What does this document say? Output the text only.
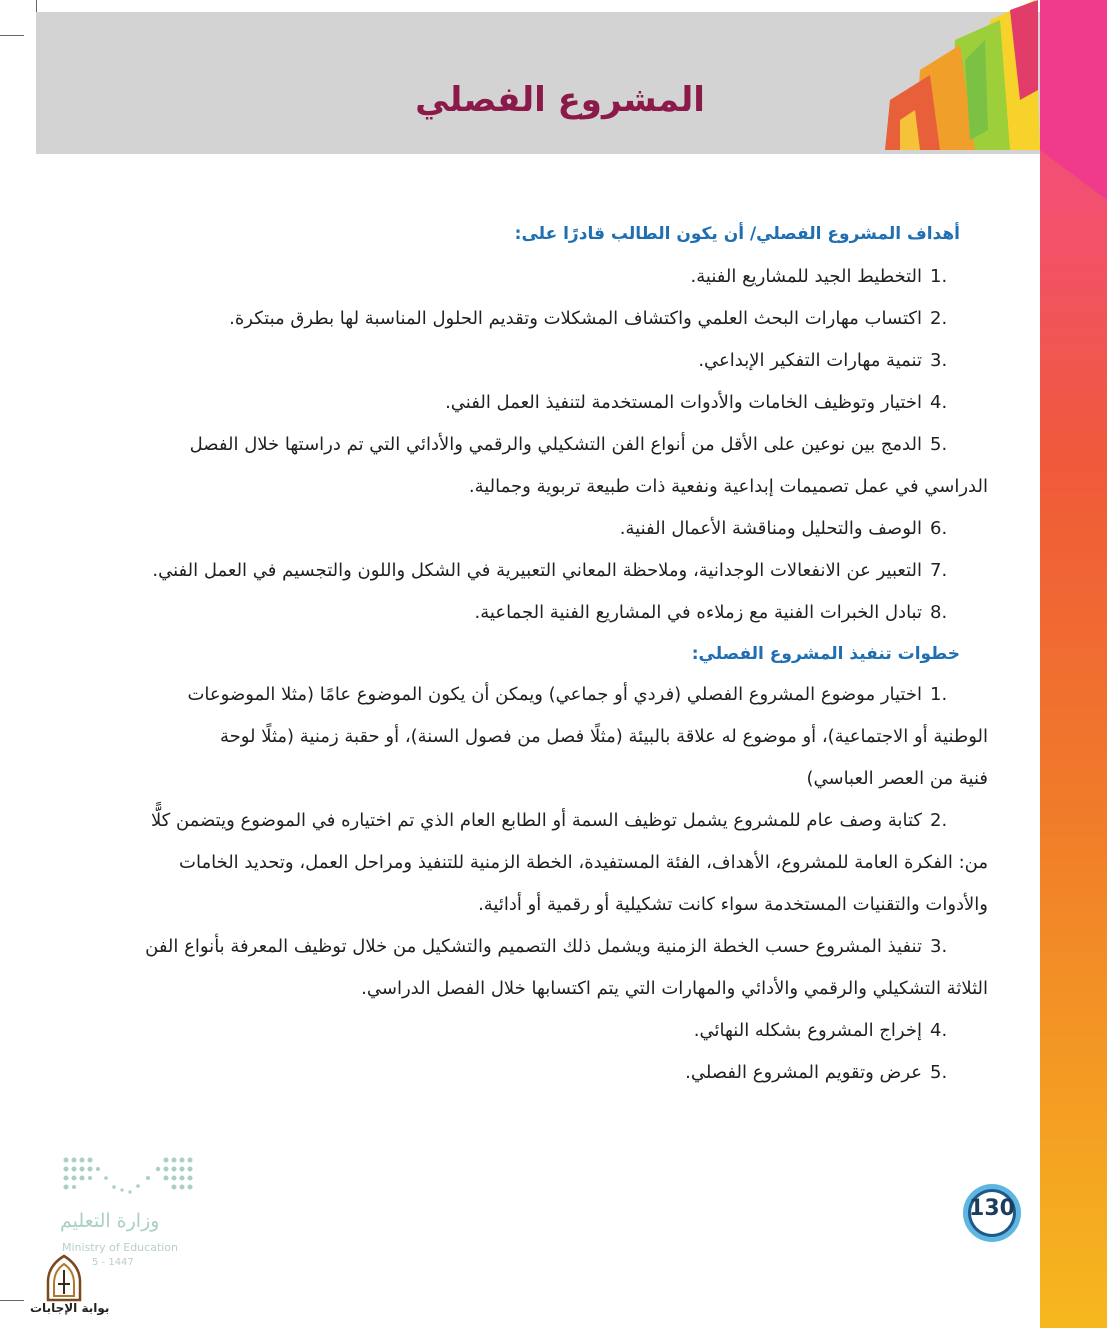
المشروع الفصلي
أهداف المشروع الفصلي/ أن يكون الطالب قادرًا على:
.1التخطيط الجيد للمشاريع الفنية.
.2اكتساب مهارات البحث العلمي واكتشاف المشكلات وتقديم الحلول المناسبة لها بطرق مبتكرة.
.3تنمية مهارات التفكير الإبداعي.
.4اختيار وتوظيف الخامات والأدوات المستخدمة لتنفيذ العمل الفني.
.5الدمج بين نوعين على الأقل من أنواع الفن التشكيلي والرقمي والأدائي التي تم دراستها خلال الفصل
الدراسي في عمل تصميمات إبداعية ونفعية ذات طبيعة تربوية وجمالية.
.6الوصف والتحليل ومناقشة الأعمال الفنية.
.7التعبير عن الانفعالات الوجدانية، وملاحظة المعاني التعبيرية في الشكل واللون والتجسيم في العمل الفني.
.8تبادل الخبرات الفنية مع زملاءه في المشاريع الفنية الجماعية.
خطوات تنفيذ المشروع الفصلي:
.1اختيار موضوع المشروع الفصلي (فردي أو جماعي) ويمكن أن يكون الموضوع عامًا (مثلا الموضوعات
الوطنية أو الاجتماعية)، أو موضوع له علاقة بالبيئة (مثلًا فصل من فصول السنة)، أو حقبة زمنية (مثلًا لوحة
فنية من العصر العباسي)
.2كتابة وصف عام للمشروع يشمل توظيف السمة أو الطابع العام الذي تم اختياره في الموضوع ويتضمن كلًّا
من: الفكرة العامة للمشروع، الأهداف، الفئة المستفيدة، الخطة الزمنية للتنفيذ ومراحل العمل، وتحديد الخامات
والأدوات والتقنيات المستخدمة سواء كانت تشكيلية أو رقمية أو أدائية.
.3تنفيذ المشروع حسب الخطة الزمنية ويشمل ذلك التصميم والتشكيل من خلال توظيف المعرفة بأنواع الفن
الثلاثة التشكيلي والرقمي والأدائي والمهارات التي يتم اكتسابها خلال الفصل الدراسي.
.4إخراج المشروع بشكله النهائي.
.5عرض وتقويم المشروع الفصلي.
130
وزارة التعليم
Ministry of Education
5 - 1447
بوابة الإجابات
